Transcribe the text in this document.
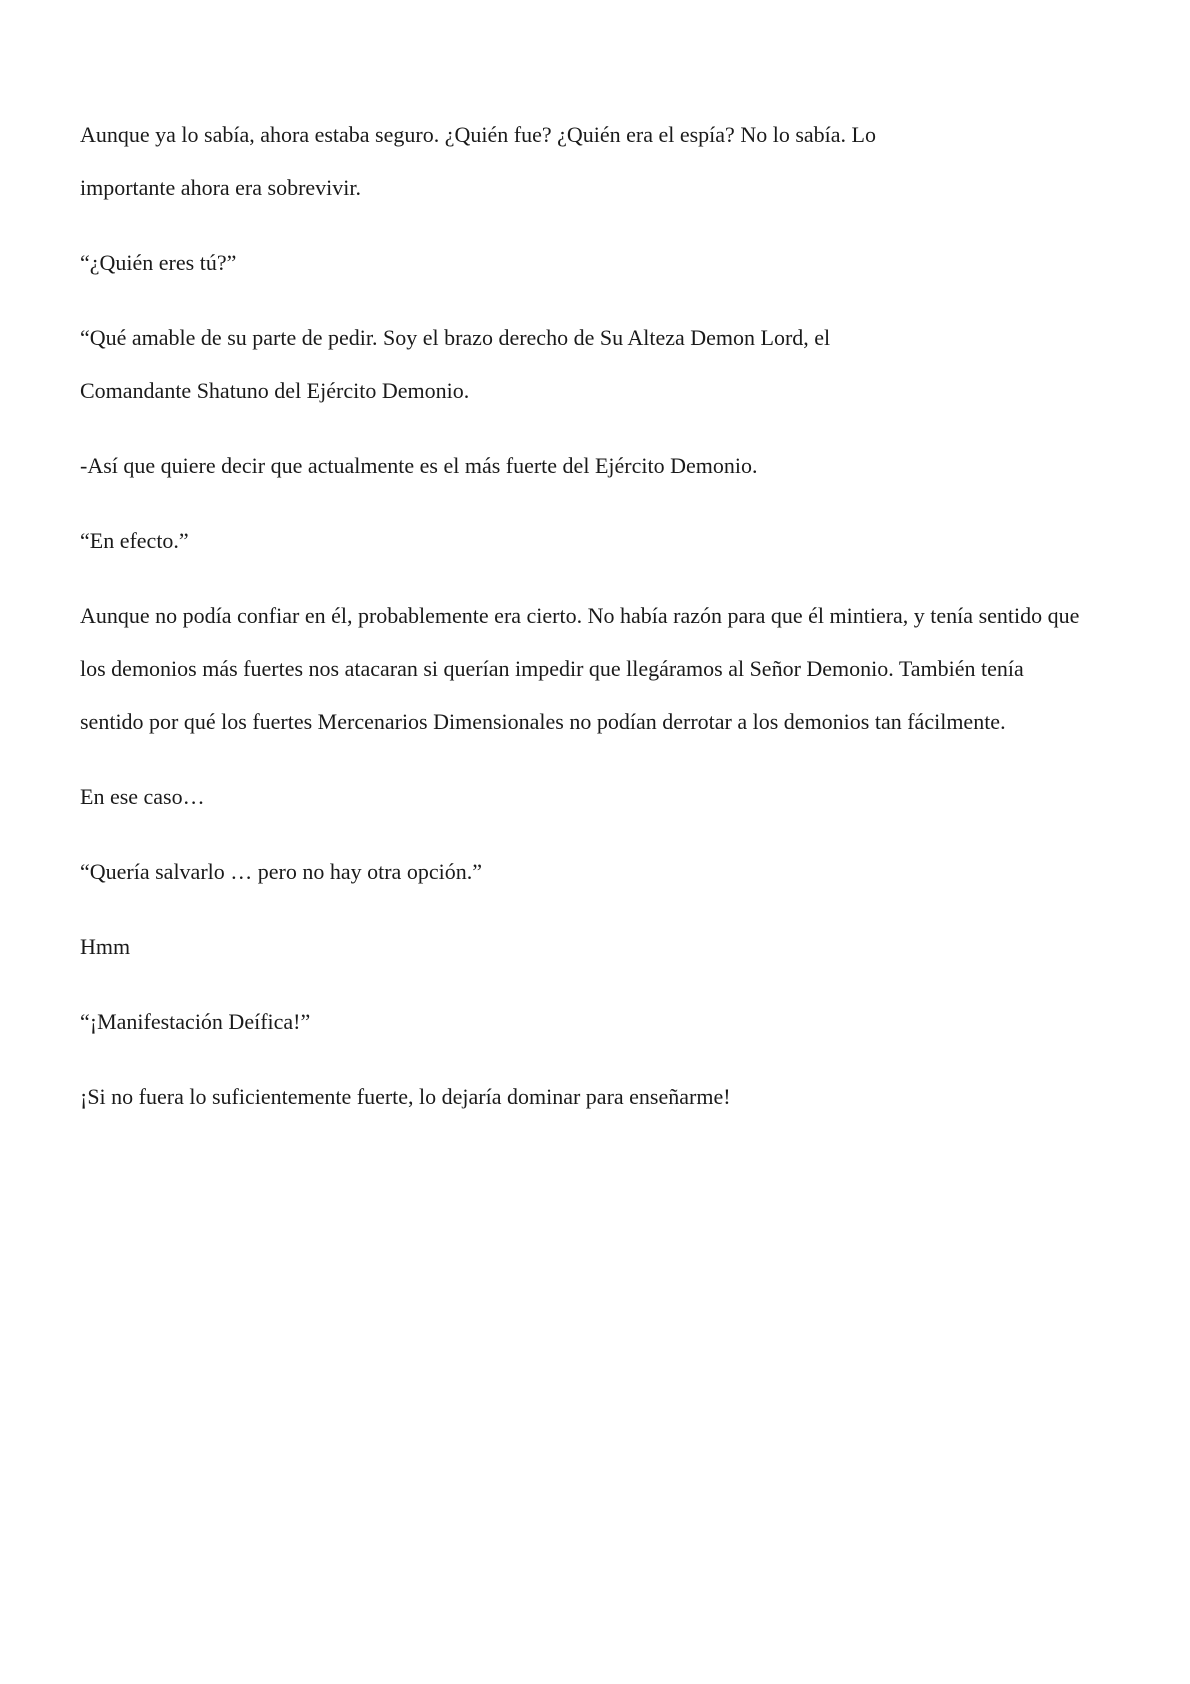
Aunque ya lo sabía, ahora estaba seguro. ¿Quién fue? ¿Quién era el espía? No lo sabía. Lo importante ahora era sobrevivir.

“¿Quién eres tú?”

“Qué amable de su parte de pedir. Soy el brazo derecho de Su Alteza Demon Lord, el Comandante Shatuno del Ejército Demonio.

-Así que quiere decir que actualmente es el más fuerte del Ejército Demonio.

“En efecto.”

Aunque no podía confiar en él, probablemente era cierto. No había razón para que él mintiera, y tenía sentido que los demonios más fuertes nos atacaran si querían impedir que llegáramos al Señor Demonio. También tenía sentido por qué los fuertes Mercenarios Dimensionales no podían derrotar a los demonios tan fácilmente.

En ese caso…

“Quería salvarlo … pero no hay otra opción.”

Hmm

“¡Manifestación Deífica!”

¡Si no fuera lo suficientemente fuerte, lo dejaría dominar para enseñarme!
